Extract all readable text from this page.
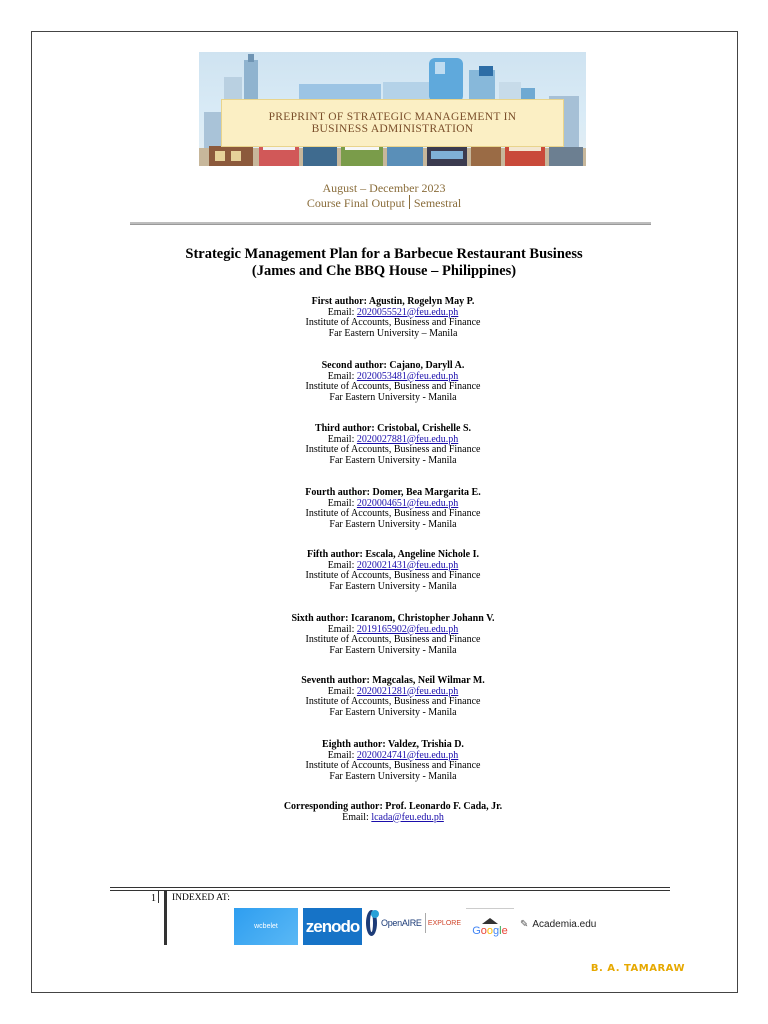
PREPRINT OF STRATEGIC MANAGEMENT IN
BUSINESS ADMINISTRATION
August – December 2023
Course Final Output Semestral
Strategic Management Plan for a Barbecue Restaurant Business
(James and Che BBQ House – Philippines)
First author: Agustin, Rogelyn May P.
Email: 2020055521@feu.edu.ph
Institute of Accounts, Business and Finance
Far Eastern University – Manila
Second author: Cajano, Daryll A.
Email: 2020053481@feu.edu.ph
Institute of Accounts, Business and Finance
Far Eastern University - Manila
Third author: Cristobal, Crishelle S.
Email: 2020027881@feu.edu.ph
Institute of Accounts, Business and Finance
Far Eastern University - Manila
Fourth author: Domer, Bea Margarita E.
Email: 2020004651@feu.edu.ph
Institute of Accounts, Business and Finance
Far Eastern University - Manila
Fifth author: Escala, Angeline Nichole I.
Email: 2020021431@feu.edu.ph
Institute of Accounts, Business and Finance
Far Eastern University - Manila
Sixth author: Icaranom, Christopher Johann V.
Email: 2019165902@feu.edu.ph
Institute of Accounts, Business and Finance
Far Eastern University - Manila
Seventh author: Magcalas, Neil Wilmar M.
Email: 2020021281@feu.edu.ph
Institute of Accounts, Business and Finance
Far Eastern University - Manila
Eighth author: Valdez, Trishia D.
Email: 2020024741@feu.edu.ph
Institute of Accounts, Business and Finance
Far Eastern University - Manila
Corresponding author: Prof. Leonardo F. Cada, Jr.
Email: lcada@feu.edu.ph
1 INDEXED AT:
wcbelet zenodo OpenAIRE EXPLORE
Google ✎ Academia.edu
B. A. TAMARAW
